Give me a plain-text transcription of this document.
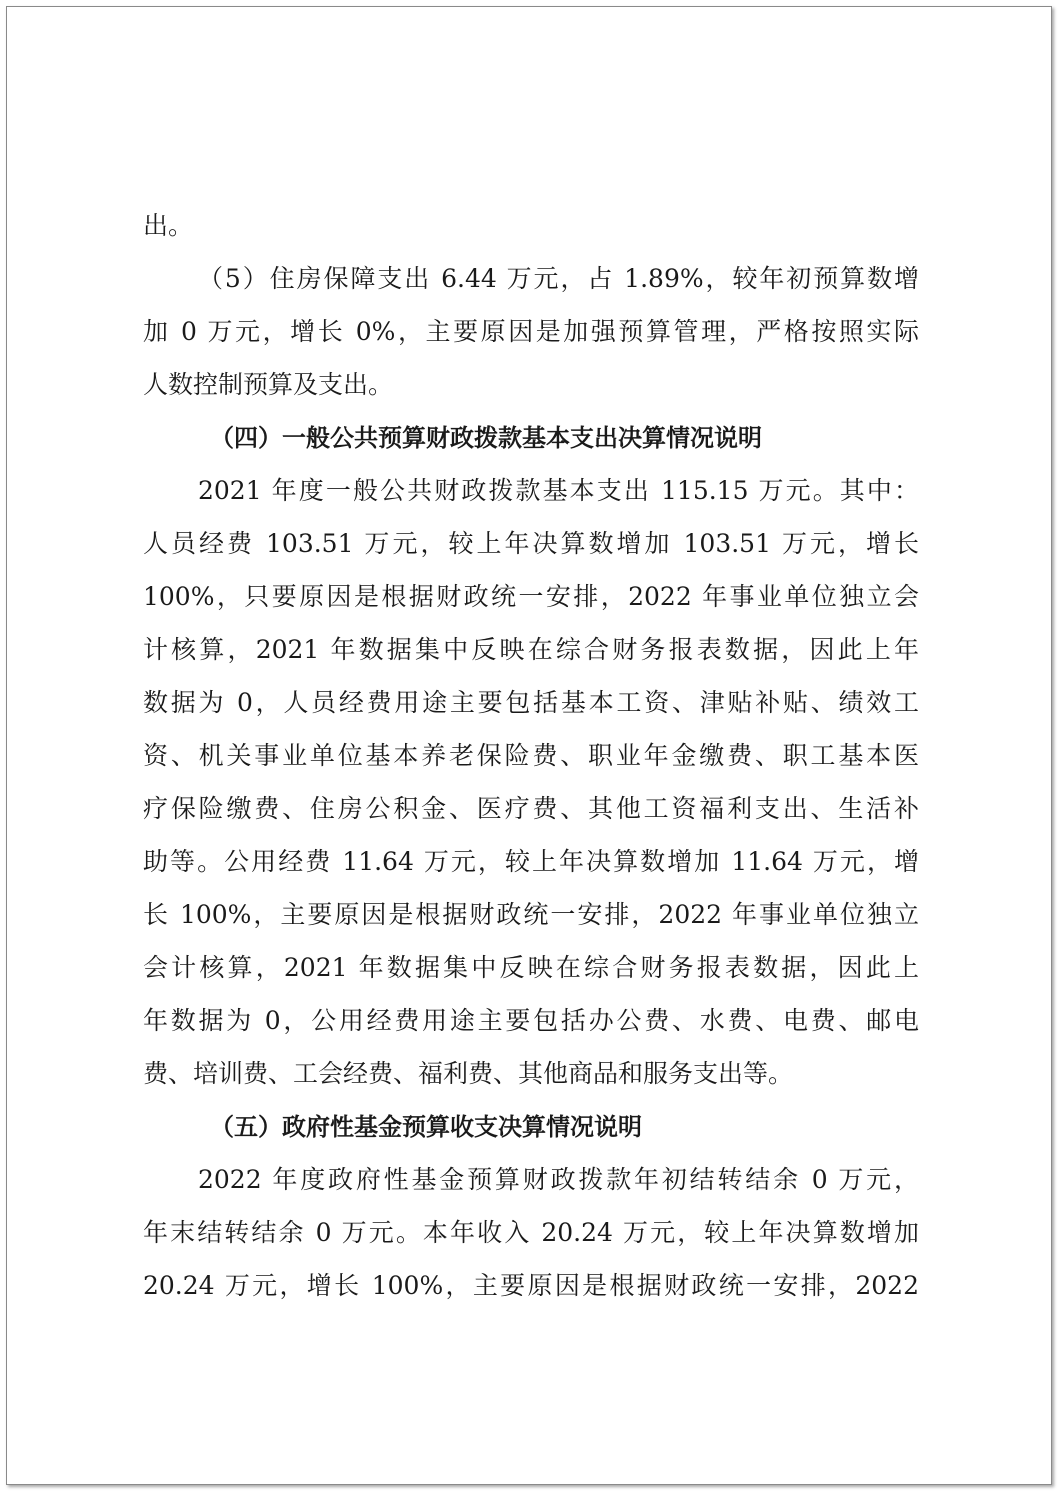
出。
（5）住房保障支出 6.44 万元，占 1.89%，较年初预算数增
加 0 万元，增长 0%，主要原因是加强预算管理，严格按照实际
人数控制预算及支出。
（四）一般公共预算财政拨款基本支出决算情况说明
2021 年度一般公共财政拨款基本支出 115.15 万元。其中：
人员经费 103.51 万元，较上年决算数增加 103.51 万元，增长
100%，只要原因是根据财政统一安排，2022 年事业单位独立会
计核算，2021 年数据集中反映在综合财务报表数据，因此上年
数据为 0，人员经费用途主要包括基本工资、津贴补贴、绩效工
资、机关事业单位基本养老保险费、职业年金缴费、职工基本医
疗保险缴费、住房公积金、医疗费、其他工资福利支出、生活补
助等。公用经费 11.64 万元，较上年决算数增加 11.64 万元，增
长 100%，主要原因是根据财政统一安排，2022 年事业单位独立
会计核算，2021 年数据集中反映在综合财务报表数据，因此上
年数据为 0，公用经费用途主要包括办公费、水费、电费、邮电
费、培训费、工会经费、福利费、其他商品和服务支出等。
（五）政府性基金预算收支决算情况说明
2022 年度政府性基金预算财政拨款年初结转结余 0 万元，
年末结转结余 0 万元。本年收入 20.24 万元，较上年决算数增加
20.24 万元，增长 100%，主要原因是根据财政统一安排，2022
